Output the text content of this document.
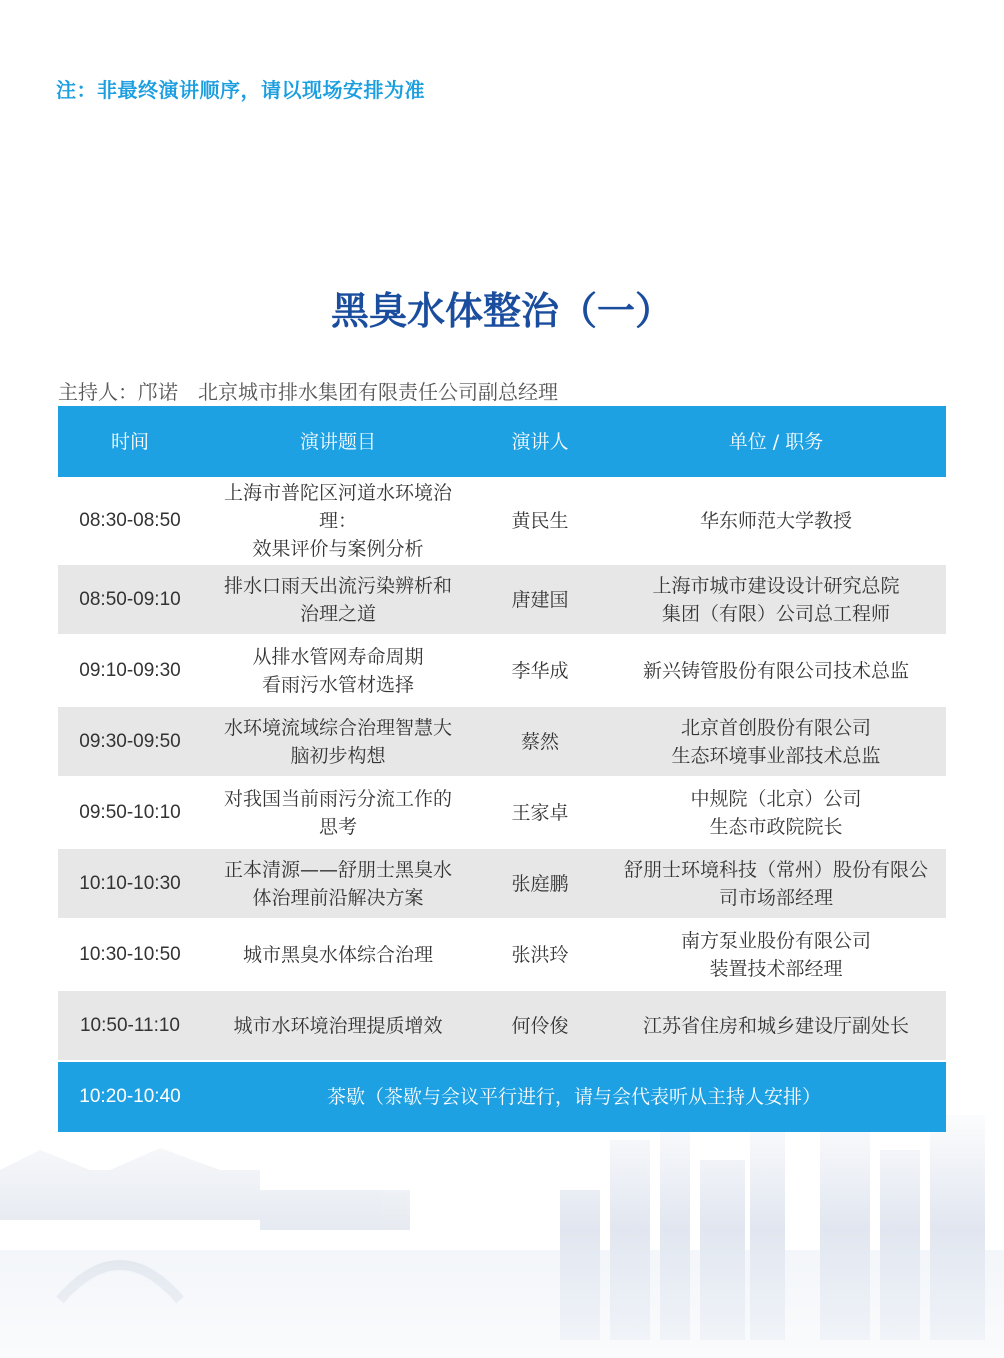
注：非最终演讲顺序，请以现场安排为准
黑臭水体整治（一）
主持人：邝诺　北京城市排水集团有限责任公司副总经理
时间	演讲题目	演讲人	单位 / 职务
08:30-08:50	上海市普陀区河道水环境治
理：
效果评价与案例分析	黄民生	华东师范大学教授
08:50-09:10	排水口雨天出流污染辨析和
治理之道	唐建国	上海市城市建设设计研究总院
集团（有限）公司总工程师
09:10-09:30	从排水管网寿命周期
看雨污水管材选择	李华成	新兴铸管股份有限公司技术总监
09:30-09:50	水环境流域综合治理智慧大
脑初步构想	蔡然	北京首创股份有限公司
生态环境事业部技术总监
09:50-10:10	对我国当前雨污分流工作的
思考	王家卓	中规院（北京）公司
生态市政院院长
10:10-10:30	正本清源——舒朋士黑臭水
体治理前沿解决方案	张庭鹏	舒朋士环境科技（常州）股份有限公
司市场部经理
10:30-10:50	城市黑臭水体综合治理	张洪玲	南方泵业股份有限公司
装置技术部经理
10:50-11:10	城市水环境治理提质增效	何伶俊	江苏省住房和城乡建设厅副处长
10:20-10:40	茶歇（茶歇与会议平行进行，请与会代表听从主持人安排）		
